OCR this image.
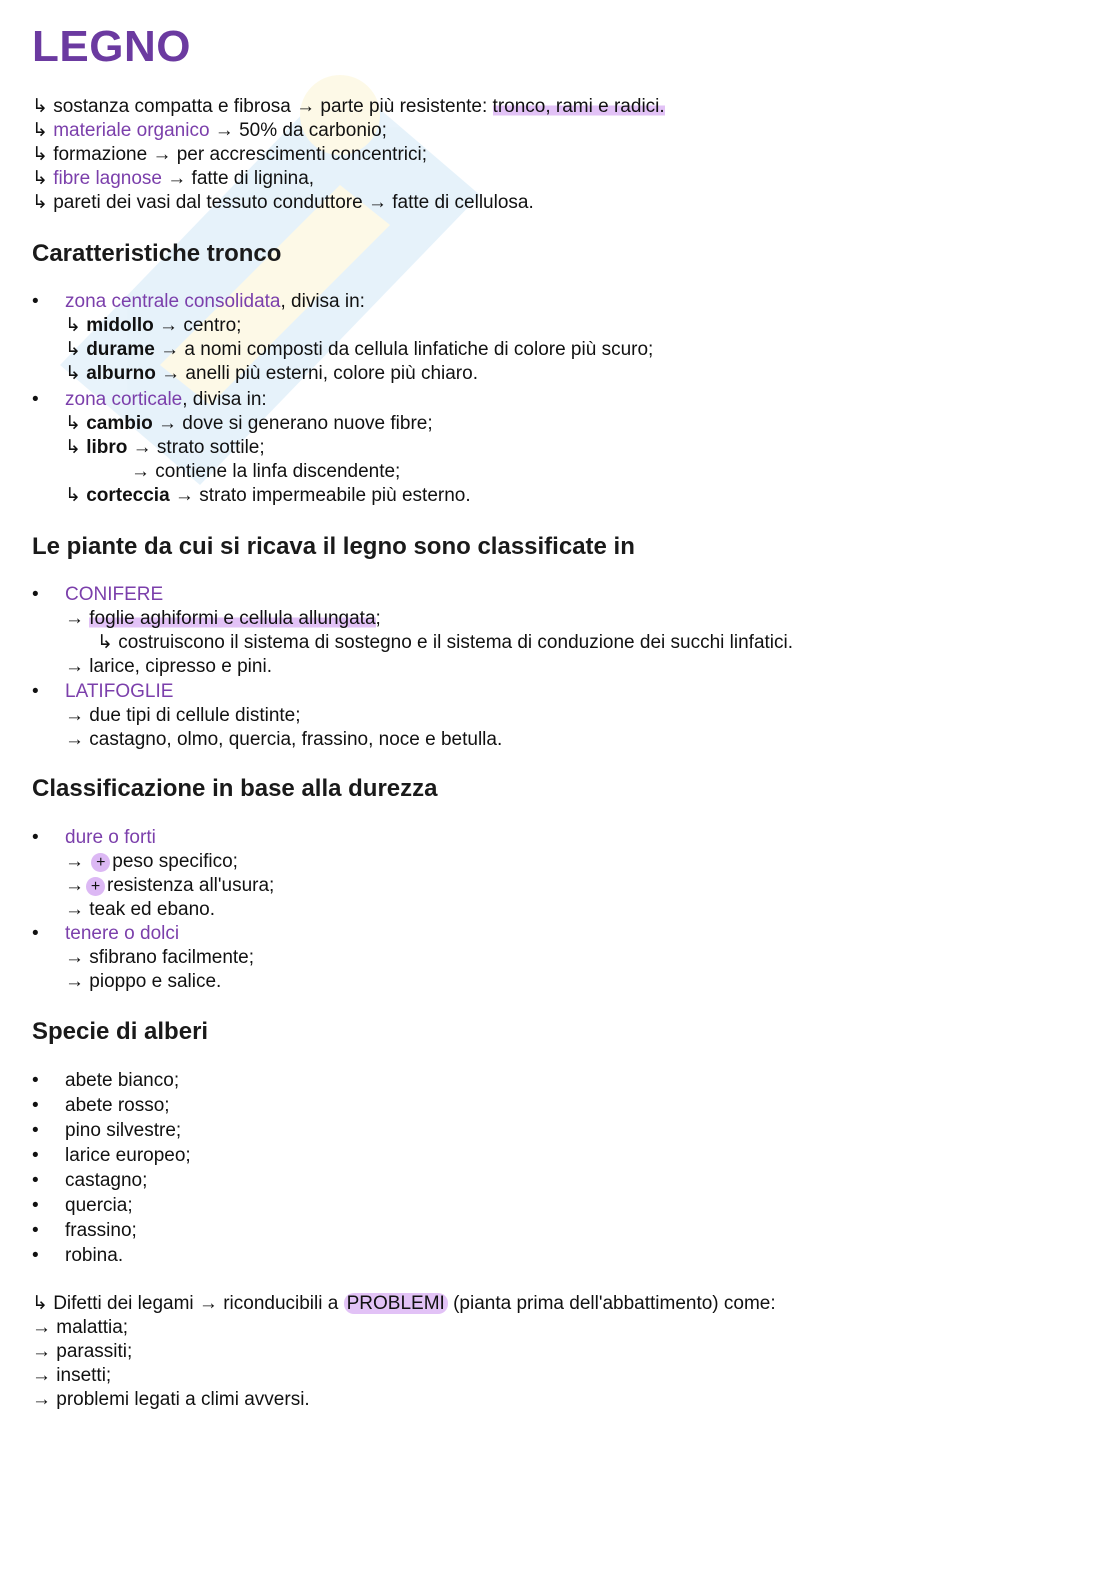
LEGNO
↳ sostanza compatta e fibrosa → parte più resistente: tronco, rami e radici.
↳ materiale organico → 50% da carbonio;
↳ formazione → per accrescimenti concentrici;
↳ fibre lagnose → fatte di lignina,
↳ pareti dei vasi dal tessuto conduttore → fatte di cellulosa.
Caratteristiche tronco
• zona centrale consolidata, divisa in:
↳ midollo → centro;
↳ durame → a nomi composti da cellula linfatiche di colore più scuro;
↳ alburno → anelli più esterni, colore più chiaro.
• zona corticale, divisa in:
↳ cambio → dove si generano nuove fibre;
↳ libro → strato sottile;
→ contiene la linfa discendente;
↳ corteccia → strato impermeabile più esterno.
Le piante da cui si ricava il legno sono classificate in
• CONIFERE
→ foglie aghiformi e cellula allungata;
↳ costruiscono il sistema di sostegno e il sistema di conduzione dei succhi linfatici.
→ larice, cipresso e pini.
• LATIFOGLIE
→ due tipi di cellule distinte;
→ castagno, olmo, quercia, frassino, noce e betulla.
Classificazione in base alla durezza
• dure o forti
→ + peso specifico;
→ + resistenza all'usura;
→ teak ed ebano.
• tenere o dolci
→ sfibrano facilmente;
→ pioppo e salice.
Specie di alberi
• abete bianco;
• abete rosso;
• pino silvestre;
• larice europeo;
• castagno;
• quercia;
• frassino;
• robina.
↳ Difetti dei legami → riconducibili a PROBLEMI (pianta prima dell'abbattimento) come:
→ malattia;
→ parassiti;
→ insetti;
→ problemi legati a climi avversi.
